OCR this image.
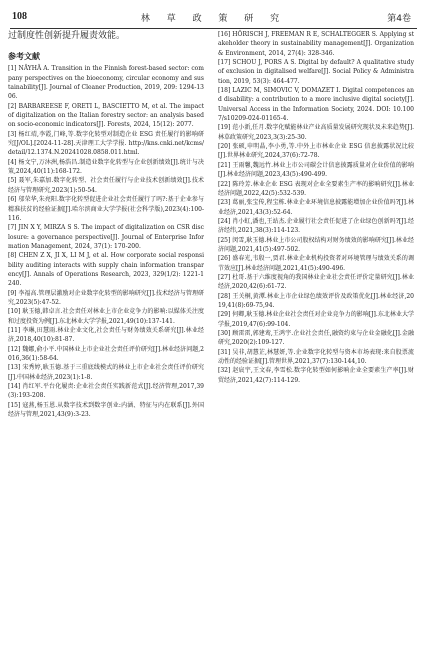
108	林 草 政 策 研 究	第4卷

过制度性创新提升履责效能。

参考文献

[1] NÄYHÄ A. Transition in the Finnish forest-based sector: company perspectives on the bioeconomy, circular economy and sustainability[J]. Journal of Cleaner Production, 2019, 209: 1294-1306.

[2] BARBAREESE F, ORETI L, BASCIETTO M, et al. The impact of digitalization on the Italian forestry sector: an analysis based on socio-economic indicators[J]. Forests, 2024, 15(12): 2077.

[3] 杨红靖,李霞,门峰,等.数字化转型对制造企业 ESG 责任履行的影响研究[J/OL].[2024-11-28].天津理工大学学报. http://kns.cnki.net/kcms/detail/12.1374.N.20241028.0858.011.html.

[4] 杨文宁,万沐洲,杨浩昌.制造业数字化转型与企业创新绩效[J].统计与决策,2024,40(11):168-172.

[5] 聂军,朱嘉加.数字化转型、社会责任履行与企业技术创新绩效[J].技术经济与管理研究,2023(1):50-54.

[6] 邬荣华,朱亮阳.数字化转型促进企业社会责任履行了吗?:基于企业参与精准扶贫的经验证据[J].哈尔滨商业大学学报(社会科学版),2023(4):100-116.

[7] JIN X Y, MIRZA S S. The impact of digitalization on CSR disclosure: a governance perspective[J]. Journal of Enterprise Information Management, 2024, 37(1): 170-200.

[8] CHEN Z X, JI X, LI M J, et al. How corporate social responsibility auditing interacts with supply chain information transparency[J]. Annals of Operations Research, 2023, 329(1/2): 1221-1240.

[9] 李福高.管理层激励对企业数字化转型的影响研究[J].技术经济与管理研究,2023(5):47-52.

[10] 耿玉德,韩卓言.社会责任对林业上市企业竞争力的影响:以媒体关注度和过度投资为例[J].东北林业大学学报,2021,49(10):137-141.

[11] 李琳,田慧雨.林业企业文化,社会责任与财务绩效关系研究[J].林业经济,2018,40(10):81-87.

[12] 魏娜,俞小平.中国林业上市企业社会责任评价研究[J].林业经济问题,2016,36(1):58-64.

[13] 宋秀婷,耿玉德.基于三重底线模式的林业上市企业社会责任评价研究[J].中国林业经济,2023(1):1-8.

[14] 肖红军.平台化履责:企业社会责任实践新范式[J].经济管理,2017,39(3):193-208.

[15] 寇燕,杨玉恩.从数字技术到数字创业:内涵、特征与内在联系[J].外国经济与管理,2021,43(9):3-23.

[16] HÖRISCH J, FREEMAN R E, SCHALTEGGER S. Applying stakeholder theory in sustainability management[J]. Organization & Environment, 2014, 27(4): 328-346.

[17] SCHOU J, PORS A S. Digital by default? A qualitative study of exclusion in digitalised welfare[J]. Social Policy & Administration, 2019, 53(3): 464-477.

[18] LAZIC M, SIMOVIC V, DOMAZET I. Digital competences and disability: a contribution to a more inclusive digital society[J]. Universal Access in the Information Society, 2024. DOI: 10.1007/s10209-024-01165-4.

[19] 范小新,任月.数字化赋能林业产业高质量发展研究现状及未来趋势[J].林草政策研究,2023,3(3):25-30.

[20] 张硕,申明晶,李小勇,等.中外上市林业企业 ESG 信息披露状况比较[J].世界林业研究,2024,37(6):72-78.

[21] 王雨馨,魏远竹.林业上市公司碳会计信息披露质量对企业价值的影响[J].林业经济问题,2023,43(5):490-499.

[22] 陈玲芳.林业企业 ESG 表现对企业全要素生产率的影响研究[J].林业经济问题,2022,42(5):532-539.

[23] 葛丽,张宝传,程宝栋.林业企业环境信息披露能增加企业价值吗?[J].林业经济,2021,43(3):52-64.

[24] 肖小虹,潘也,王站杰.企业履行社会责任促进了企业绿色创新吗?[J].经济经纬,2021,38(3):114-123.

[25] 闵雪,耿玉德.林业上市公司股权结构对财务绩效的影响研究[J].林业经济问题,2021,41(5):497-502.

[26] 盛春光,韦殷一,贾君.林业企业机构投资者对环境管理与绩效关系的调节效应[J].林业经济问题,2021,41(5):490-496.

[27] 杜哥.基于六维度视角的我国林业企业社会责任评价定量研究[J].林业经济,2020,42(6):61-72.

[28] 王关桐,黄潭.林业上市企业绿色绩效评价及政策优化[J].林业经济,2019,41(8):69-75,94.

[29] 何卿,耿玉德.林业企业社会责任对企业竞争力的影响[J].东北林业大学学报,2019,47(6):99-104.

[30] 顾雷雷,郭建鸾,王鸿宇.企业社会责任,融资约束与企业金融化[J].金融研究,2020(2):109-127.

[31] 吴非,胡慧芷,林慧妍,等.企业数字化转型与资本市场表现:来自股票流动性的经验证据[J].管理世界,2021,37(7):130-144,10.

[32] 赵宸宇,王文春,李雪松.数字化转型如何影响企业全要素生产率[J].财贸经济,2021,42(7):114-129.
